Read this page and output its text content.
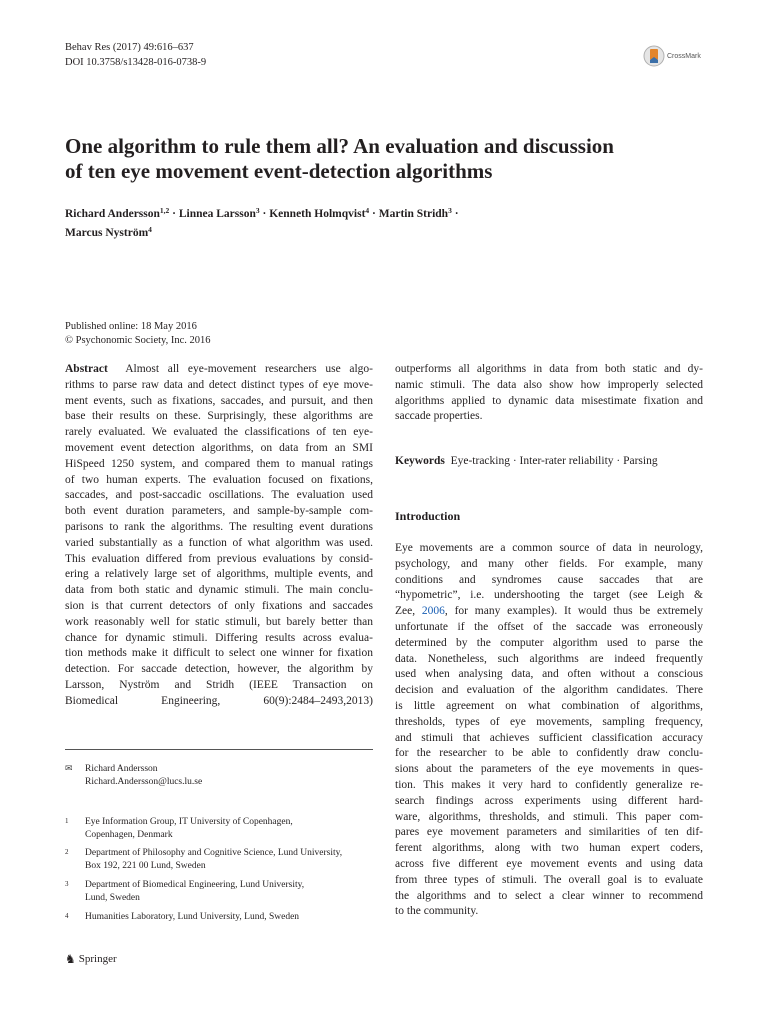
Behav Res (2017) 49:616–637
DOI 10.3758/s13428-016-0738-9
CrossMark
One algorithm to rule them all? An evaluation and discussion
of ten eye movement event-detection algorithms
Richard Andersson$^{1,2}$ · Linnea Larsson$^3$ · Kenneth Holmqvist$^4$ · Martin Stridh$^3$ ·
Marcus Nyström$^4$
Published online: 18 May 2016
© Psychonomic Society, Inc. 2016
Abstract Almost all eye-movement researchers use algo-
rithms to parse raw data and detect distinct types of eye move-
ment events, such as fixations, saccades, and pursuit, and then
base their results on these. Surprisingly, these algorithms are
rarely evaluated. We evaluated the classifications of ten eye-
movement event detection algorithms, on data from an SMI
HiSpeed 1250 system, and compared them to manual ratings
of two human experts. The evaluation focused on fixations,
saccades, and post-saccadic oscillations. The evaluation used
both event duration parameters, and sample-by-sample com-
parisons to rank the algorithms. The resulting event durations
varied substantially as a function of what algorithm was used.
This evaluation differed from previous evaluations by consid-
ering a relatively large set of algorithms, multiple events, and
data from both static and dynamic stimuli. The main conclu-
sion is that current detectors of only fixations and saccades
work reasonably well for static stimuli, but barely better than
chance for dynamic stimuli. Differing results across evalua-
tion methods make it difficult to select one winner for fixation
detection. For saccade detection, however, the algorithm by
Larsson, Nyström and Stridh (IEEE Transaction on
Biomedical Engineering, 60(9):2484–2493,2013)
outperforms all algorithms in data from both static and dy-
namic stimuli. The data also show how improperly selected
algorithms applied to dynamic data misestimate fixation and
saccade properties.
Keywords Eye-tracking · Inter-rater reliability · Parsing
Introduction
Eye movements are a common source of data in neurology,
psychology, and many other fields. For example, many
conditions and syndromes cause saccades that are
“hypometric”, i.e. undershooting the target (see Leigh &
Zee, 2006, for many examples). It would thus be extremely
unfortunate if the offset of the saccade was erroneously
determined by the computer algorithm used to parse the
data. Nonetheless, such algorithms are indeed frequently
used when analysing data, and often without a conscious
decision and evaluation of the algorithm candidates. There
is little agreement on what combination of algorithms,
thresholds, types of eye movements, sampling frequency,
and stimuli that achieves sufficient classification accuracy
for the researcher to be able to confidently draw conclu-
sions about the parameters of the eye movements in ques-
tion. This makes it very hard to confidently generalize re-
search findings across experiments using different hard-
ware, algorithms, thresholds, and stimuli. This paper com-
pares eye movement parameters and similarities of ten dif-
ferent algorithms, along with two human expert coders,
across five different eye movement events and using data
from three types of stimuli. The overall goal is to evaluate
the algorithms and to select a clear winner to recommend
to the community.
✉ Richard Andersson
Richard.Andersson@lucs.lu.se
1	Eye Information Group, IT University of Copenhagen,
Copenhagen, Denmark
2	Department of Philosophy and Cognitive Science, Lund University,
Box 192, 221 00 Lund, Sweden
3	Department of Biomedical Engineering, Lund University,
Lund, Sweden
4	Humanities Laboratory, Lund University, Lund, Sweden
♞ Springer
